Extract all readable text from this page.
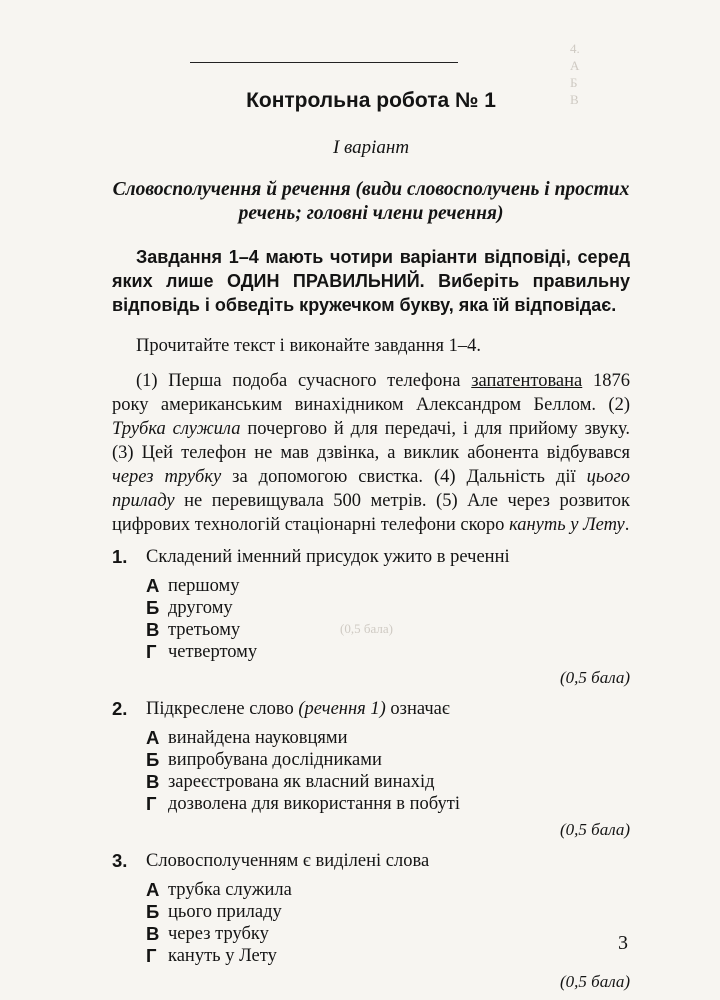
4.
А
Б
В
(0,5 бала)
Контрольна робота № 1
І варіант
Словосполучення й речення (види словосполучень і простих речень; головні члени речення)
Завдання 1–4 мають чотири варіанти відповіді, серед яких лише ОДИН ПРАВИЛЬНИЙ. Виберіть правильну відповідь і обведіть кружечком букву, яка їй відповідає.
Прочитайте текст і виконайте завдання 1–4.
(1) Перша подоба сучасного телефона запатентована 1876 року американським винахідником Александром Беллом. (2) Трубка служила почергово й для передачі, і для прийому звуку. (3) Цей телефон не мав дзвінка, а виклик абонента відбувався через трубку за допомогою свистка. (4) Дальність дії цього приладу не перевищувала 500 метрів. (5) Але через розвиток цифрових технологій стаціонарні телефони скоро кануть у Лету.
1.	Складений іменний присудок ужито в реченні
А першому
Б другому
В третьому
Г четвертому
(0,5 бала)
2.	Підкреслене слово (речення 1) означає
А винайдена науковцями
Б випробувана дослідниками
В зареєстрована як власний винахід
Г дозволена для використання в побуті
(0,5 бала)
3.	Словосполученням є виділені слова
А трубка служила
Б цього приладу
В через трубку
Г кануть у Лету
(0,5 бала)
3
